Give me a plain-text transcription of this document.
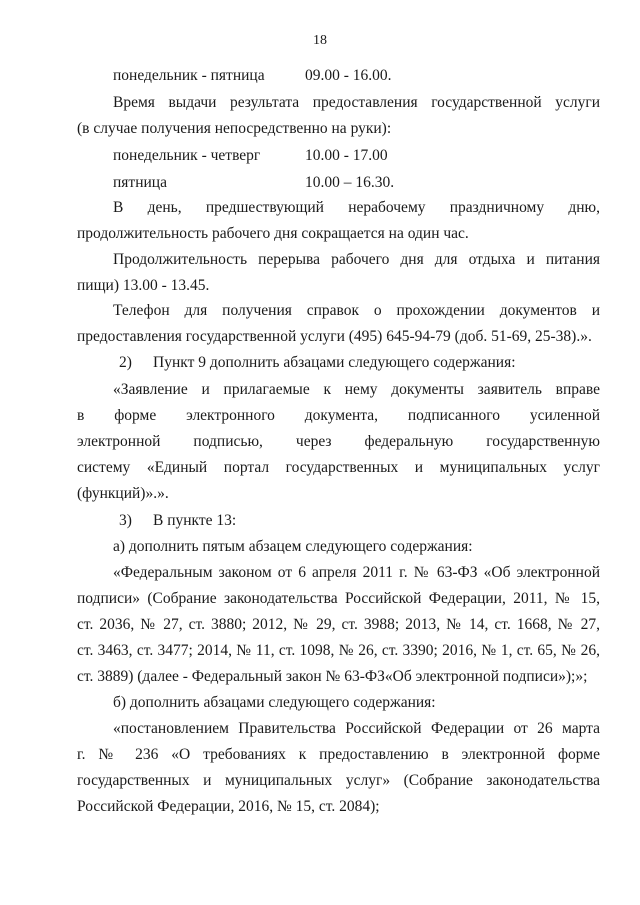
18
понедельник - пятница	09.00 - 16.00.
Время выдачи результата предоставления государственной услуги
(в случае получения непосредственно на руки):
понедельник - четверг	10.00 - 17.00
пятница	10.00 – 16.30.
В день, предшествующий нерабочему праздничному дню,
продолжительность рабочего дня сокращается на один час.
Продолжительность перерыва рабочего дня для отдыха и питания
пищи) 13.00 - 13.45.
Телефон для получения справок о прохождении документов и
предоставления государственной услуги (495) 645-94-79 (доб. 51-69, 25-38).».
2) Пункт 9 дополнить абзацами следующего содержания:
«Заявление и прилагаемые к нему документы заявитель вправе
в форме электронного документа, подписанного усиленной
электронной подписью, через федеральную государственную
систему «Единый портал государственных и муниципальных услуг
(функций)».».
3) В пункте 13:
а) дополнить пятым абзацем следующего содержания:
«Федеральным законом от 6 апреля 2011 г. № 63-ФЗ «Об электронной
подписи» (Собрание законодательства Российской Федерации, 2011, № 15,
ст. 2036, № 27, ст. 3880; 2012, № 29, ст. 3988; 2013, № 14, ст. 1668, № 27,
ст. 3463, ст. 3477; 2014, № 11, ст. 1098, № 26, ст. 3390; 2016, № 1, ст. 65, № 26,
ст. 3889) (далее - Федеральный закон № 63-ФЗ«Об электронной подписи»);»;
б) дополнить абзацами следующего содержания:
«постановлением Правительства Российской Федерации от 26 марта
г. № 236 «О требованиях к предоставлению в электронной форме
государственных и муниципальных услуг» (Собрание законодательства
Российской Федерации, 2016, № 15, ст. 2084);
